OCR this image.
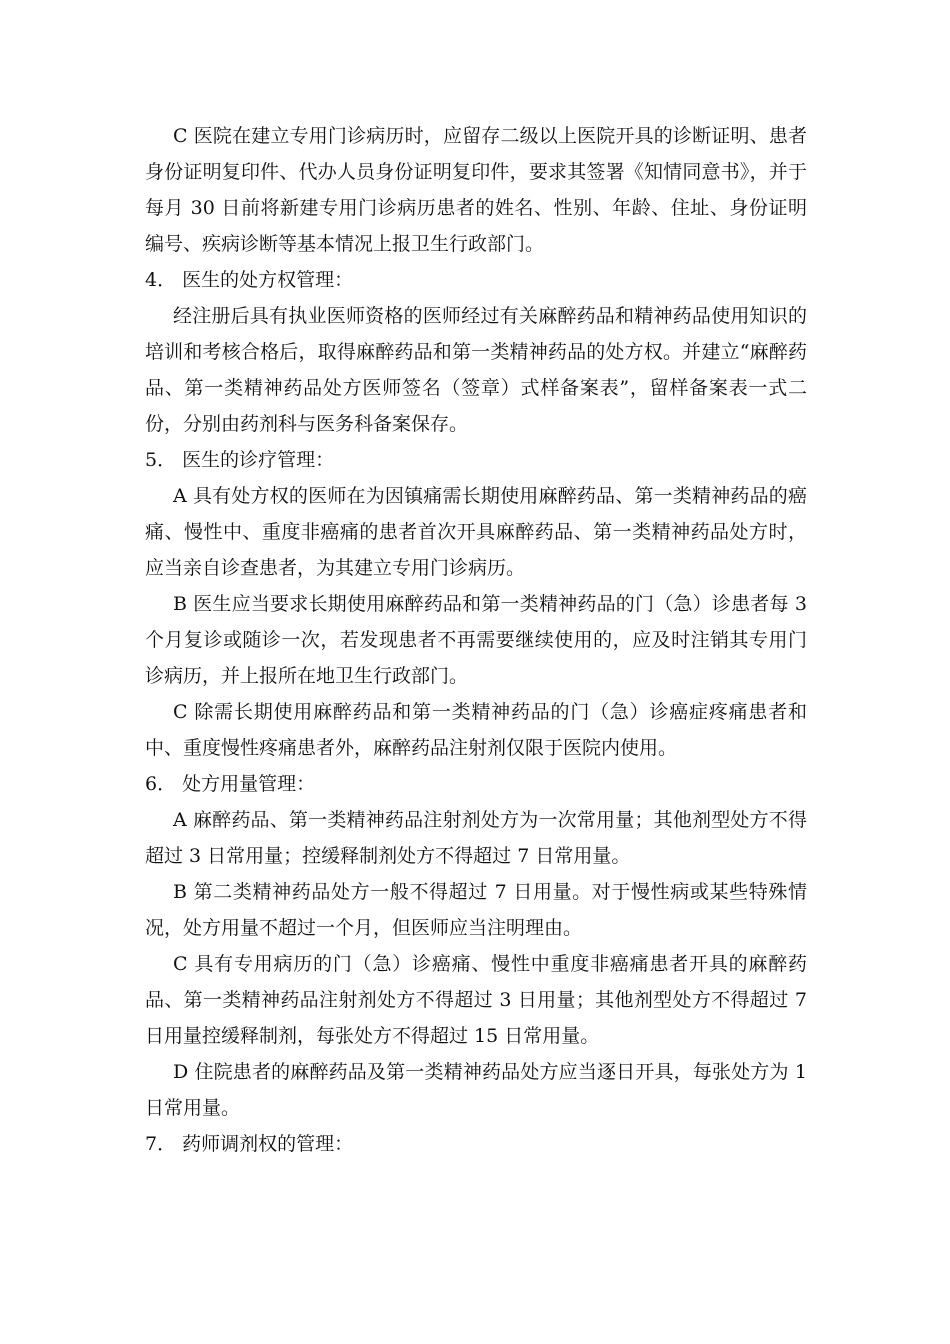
C 医院在建立专用门诊病历时，应留存二级以上医院开具的诊断证明、患者身份证明复印件、代办人员身份证明复印件，要求其签署《知情同意书》，并于每月 30 日前将新建专用门诊病历患者的姓名、性别、年龄、住址、身份证明编号、疾病诊断等基本情况上报卫生行政部门。

4． 医生的处方权管理：

经注册后具有执业医师资格的医师经过有关麻醉药品和精神药品使用知识的培训和考核合格后，取得麻醉药品和第一类精神药品的处方权。并建立“麻醉药品、第一类精神药品处方医师签名（签章）式样备案表”，留样备案表一式二份，分别由药剂科与医务科备案保存。

5． 医生的诊疗管理：

A 具有处方权的医师在为因镇痛需长期使用麻醉药品、第一类精神药品的癌痛、慢性中、重度非癌痛的患者首次开具麻醉药品、第一类精神药品处方时，应当亲自诊查患者，为其建立专用门诊病历。

B 医生应当要求长期使用麻醉药品和第一类精神药品的门（急）诊患者每 3 个月复诊或随诊一次，若发现患者不再需要继续使用的，应及时注销其专用门诊病历，并上报所在地卫生行政部门。

C 除需长期使用麻醉药品和第一类精神药品的门（急）诊癌症疼痛患者和中、重度慢性疼痛患者外，麻醉药品注射剂仅限于医院内使用。

6． 处方用量管理：

A 麻醉药品、第一类精神药品注射剂处方为一次常用量；其他剂型处方不得超过 3 日常用量；控缓释制剂处方不得超过 7 日常用量。

B 第二类精神药品处方一般不得超过 7 日用量。对于慢性病或某些特殊情况，处方用量不超过一个月，但医师应当注明理由。

C 具有专用病历的门（急）诊癌痛、慢性中重度非癌痛患者开具的麻醉药品、第一类精神药品注射剂处方不得超过 3 日用量；其他剂型处方不得超过 7 日用量控缓释制剂，每张处方不得超过 15 日常用量。

D 住院患者的麻醉药品及第一类精神药品处方应当逐日开具，每张处方为 1 日常用量。

7． 药师调剂权的管理：
